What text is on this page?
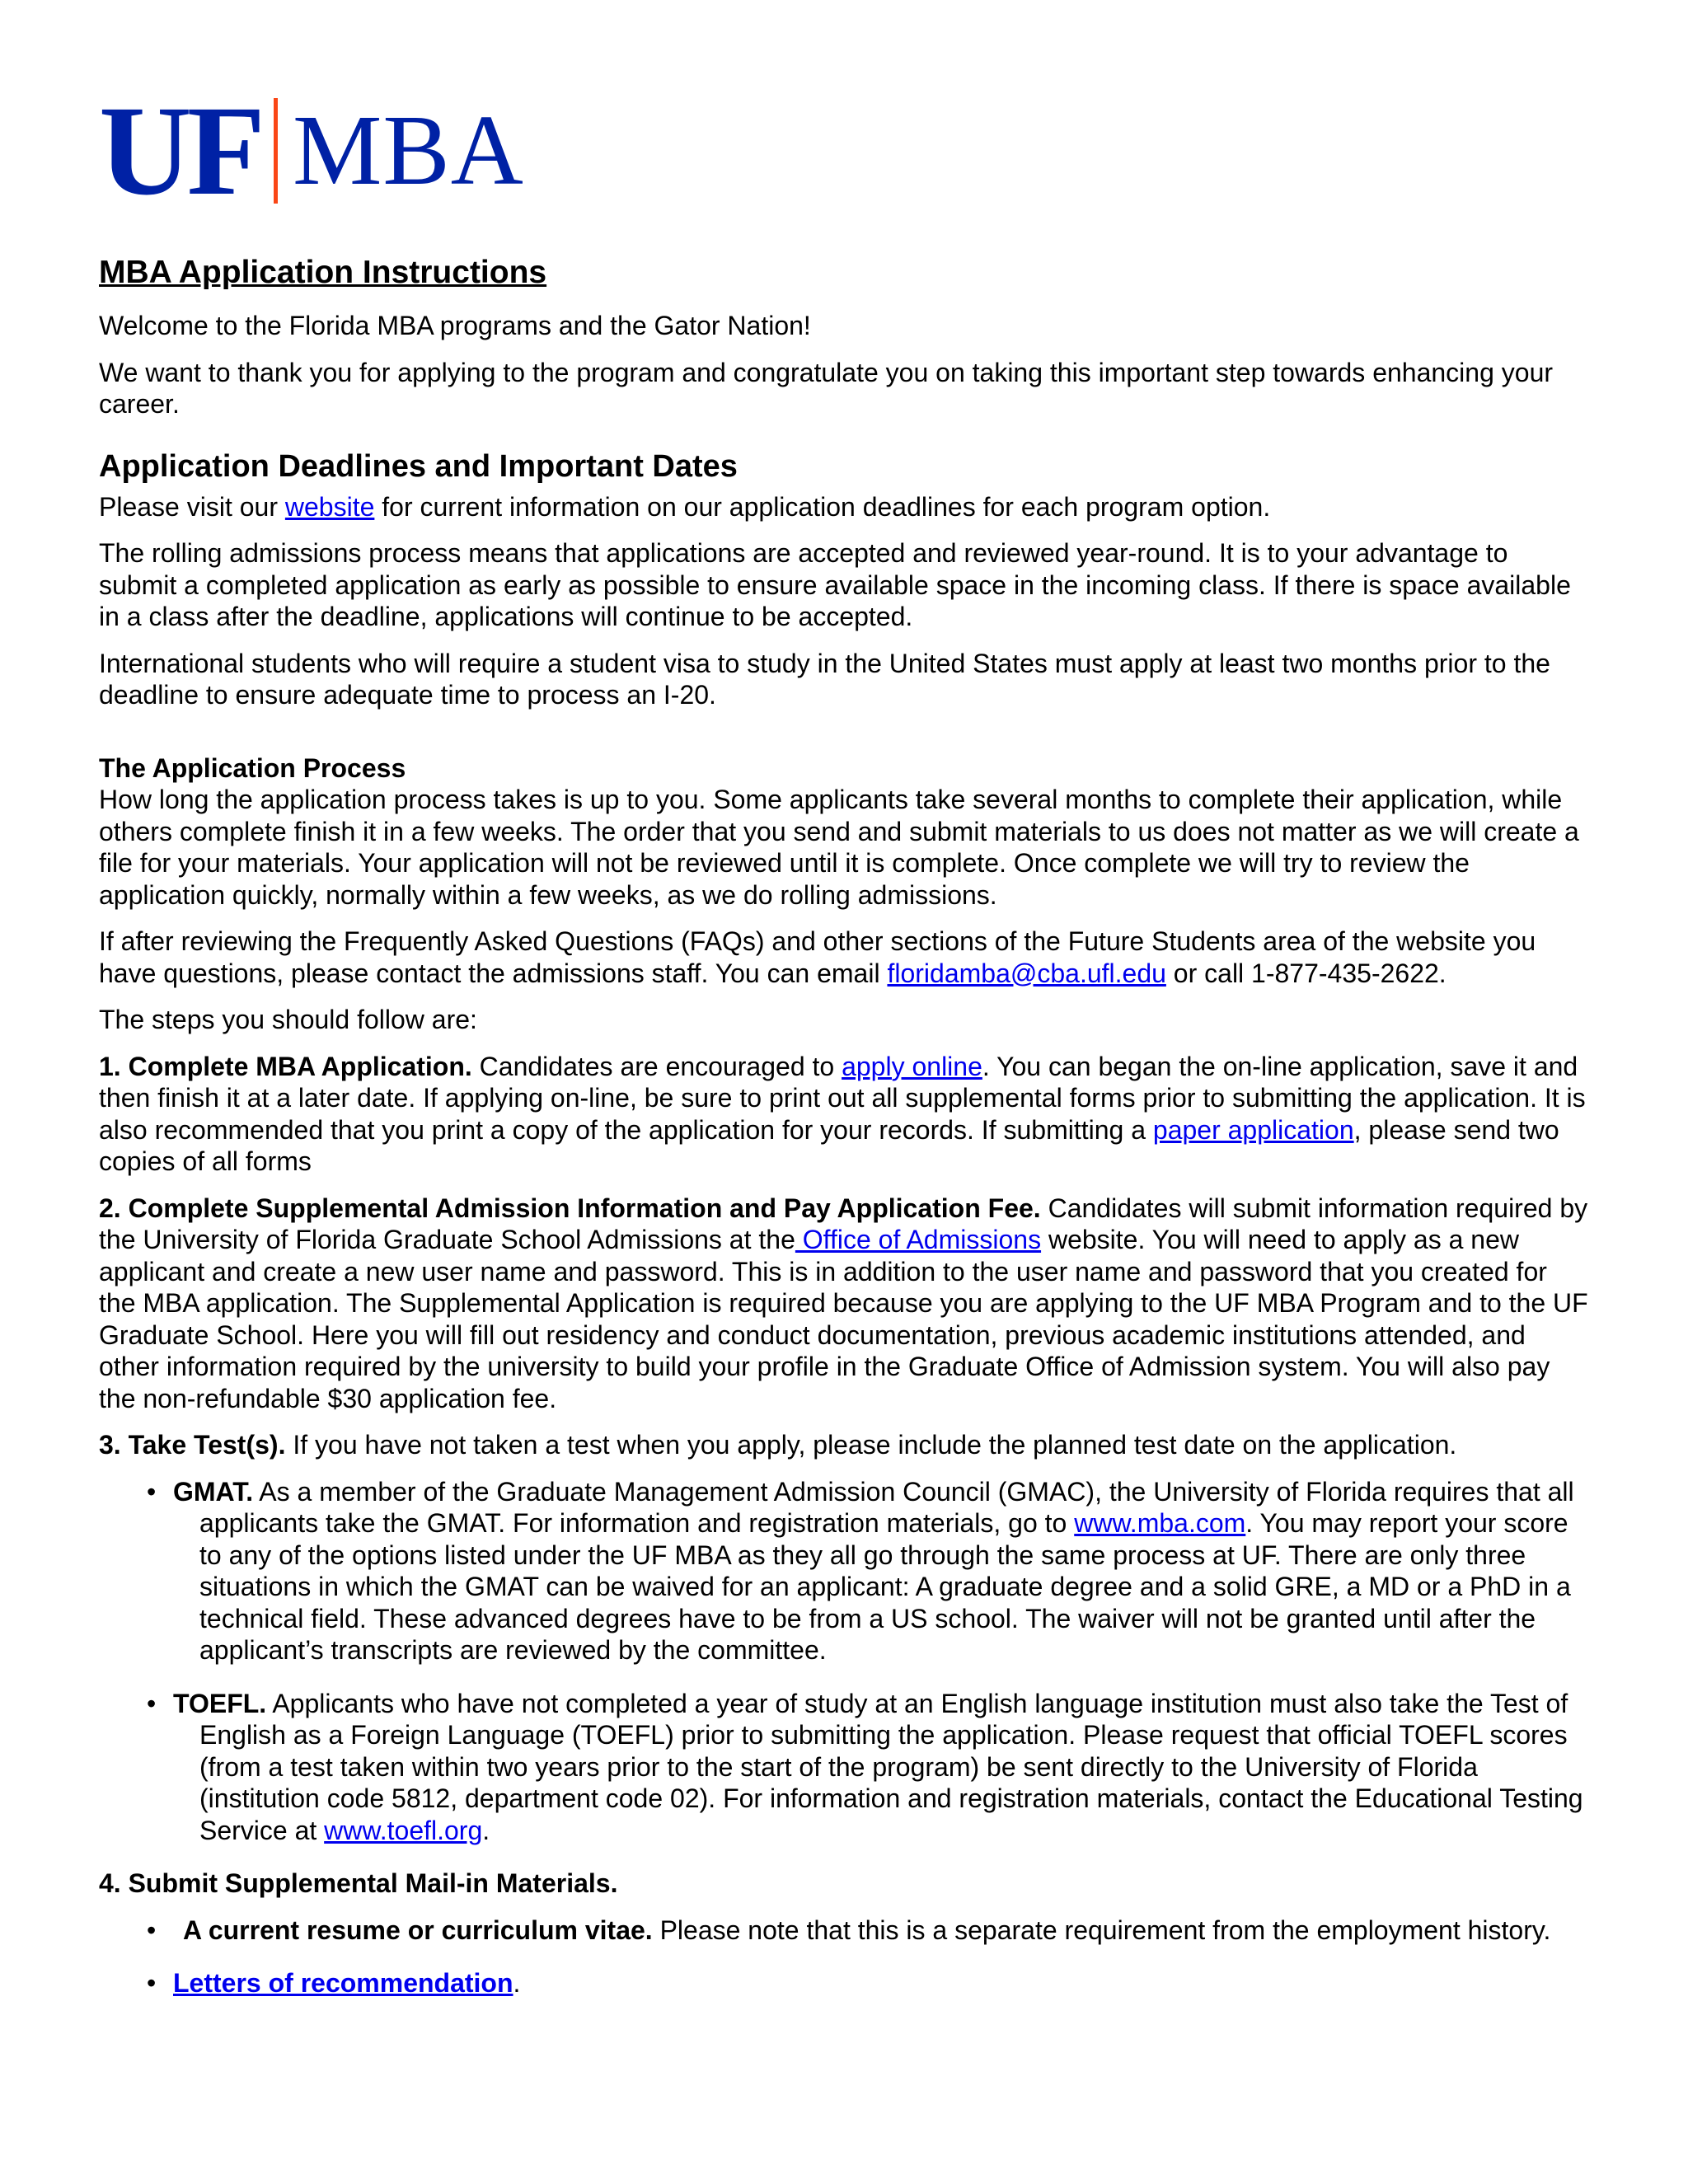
UF MBA
MBA Application Instructions

Welcome to the Florida MBA programs and the Gator Nation!

We want to thank you for applying to the program and congratulate you on taking this important step towards enhancing your career.

Application Deadlines and Important Dates

Please visit our website for current information on our application deadlines for each program option.

The rolling admissions process means that applications are accepted and reviewed year-round. It is to your advantage to submit a completed application as early as possible to ensure available space in the incoming class. If there is space available in a class after the deadline, applications will continue to be accepted.

International students who will require a student visa to study in the United States must apply at least two months prior to the deadline to ensure adequate time to process an I-20.

The Application Process
How long the application process takes is up to you. Some applicants take several months to complete their application, while others complete finish it in a few weeks. The order that you send and submit materials to us does not matter as we will create a file for your materials. Your application will not be reviewed until it is complete. Once complete we will try to review the application quickly, normally within a few weeks, as we do rolling admissions.

If after reviewing the Frequently Asked Questions (FAQs) and other sections of the Future Students area of the website you have questions, please contact the admissions staff. You can email floridamba@cba.ufl.edu or call 1-877-435-2622.

The steps you should follow are:

1. Complete MBA Application. Candidates are encouraged to apply online. You can began the on-line application, save it and then finish it at a later date. If applying on-line, be sure to print out all supplemental forms prior to submitting the application. It is also recommended that you print a copy of the application for your records. If submitting a paper application, please send two copies of all forms

2. Complete Supplemental Admission Information and Pay Application Fee. Candidates will submit information required by the University of Florida Graduate School Admissions at the Office of Admissions website. You will need to apply as a new applicant and create a new user name and password. This is in addition to the user name and password that you created for the MBA application. The Supplemental Application is required because you are applying to the UF MBA Program and to the UF Graduate School. Here you will fill out residency and conduct documentation, previous academic institutions attended, and other information required by the university to build your profile in the Graduate Office of Admission system. You will also pay the non-refundable $30 application fee.

3. Take Test(s). If you have not taken a test when you apply, please include the planned test date on the application.

• GMAT. As a member of the Graduate Management Admission Council (GMAC), the University of Florida requires that all applicants take the GMAT. For information and registration materials, go to www.mba.com. You may report your score to any of the options listed under the UF MBA as they all go through the same process at UF. There are only three situations in which the GMAT can be waived for an applicant: A graduate degree and a solid GRE, a MD or a PhD in a technical field. These advanced degrees have to be from a US school. The waiver will not be granted until after the applicant’s transcripts are reviewed by the committee.
• TOEFL. Applicants who have not completed a year of study at an English language institution must also take the Test of English as a Foreign Language (TOEFL) prior to submitting the application. Please request that official TOEFL scores (from a test taken within two years prior to the start of the program) be sent directly to the University of Florida (institution code 5812, department code 02). For information and registration materials, contact the Educational Testing Service at www.toefl.org.

4. Submit Supplemental Mail-in Materials.

• A current resume or curriculum vitae. Please note that this is a separate requirement from the employment history.
• Letters of recommendation.
